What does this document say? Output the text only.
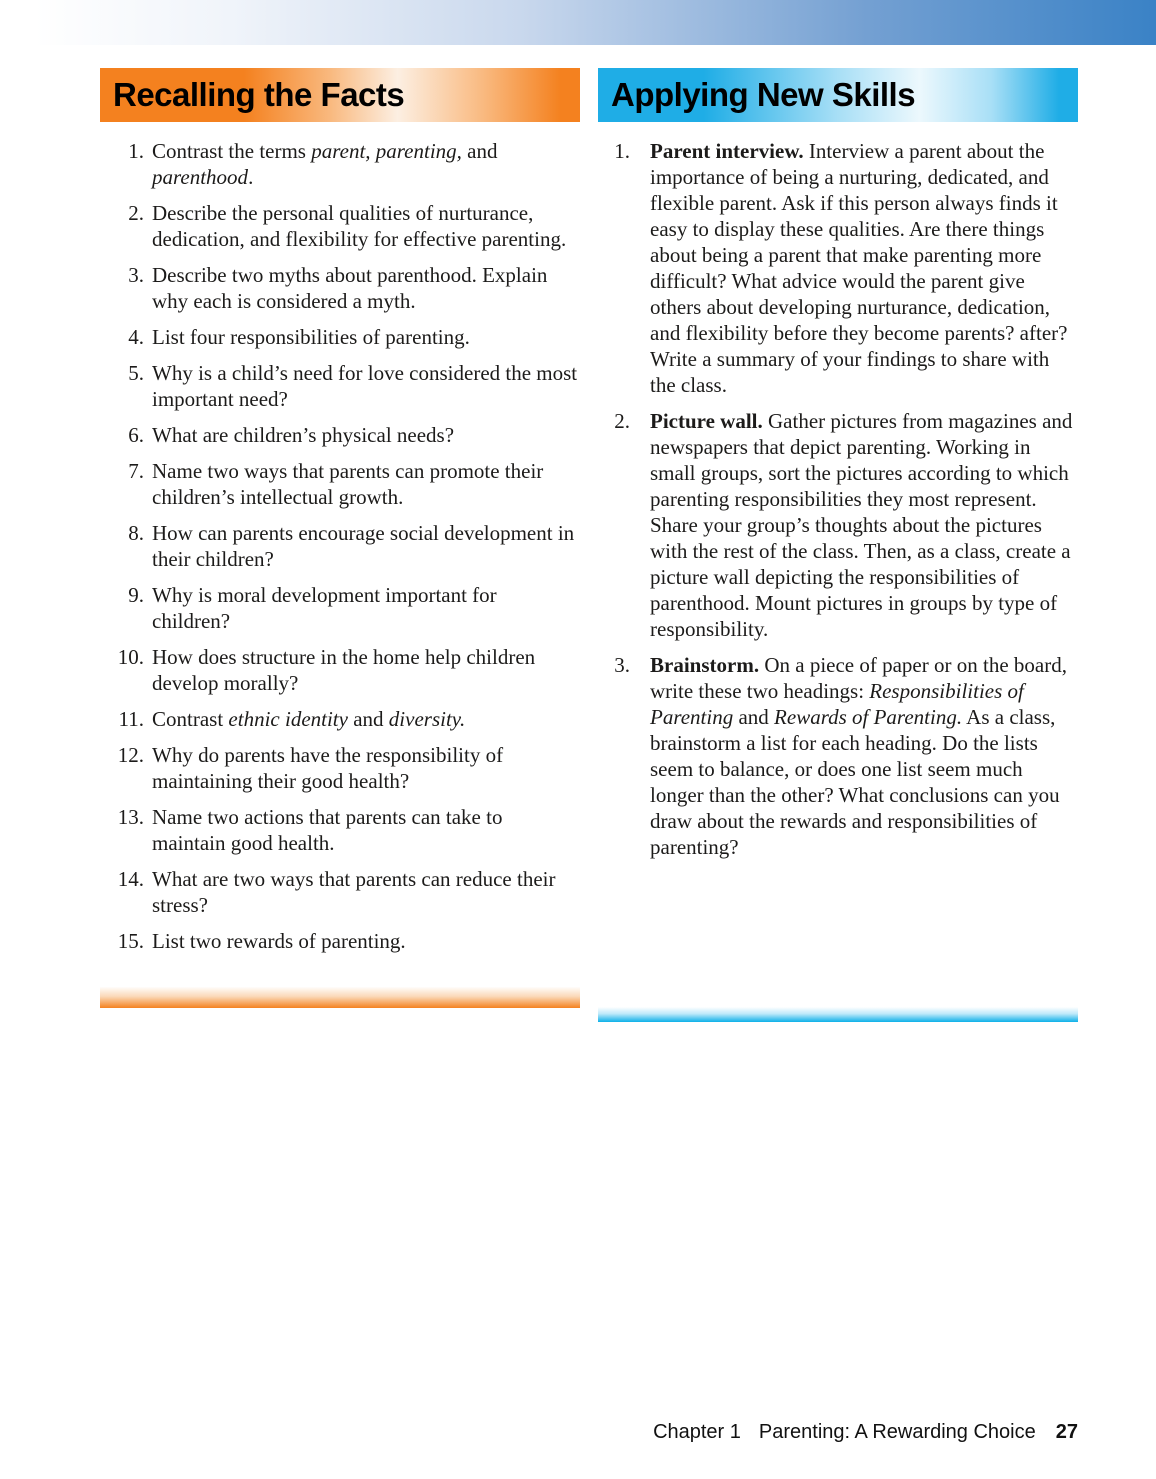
Recalling the Facts
1. Contrast the terms parent, parenting, and parenthood.
2. Describe the personal qualities of nurturance, dedication, and flexibility for effective parenting.
3. Describe two myths about parenthood. Explain why each is considered a myth.
4. List four responsibilities of parenting.
5. Why is a child’s need for love considered the most important need?
6. What are children’s physical needs?
7. Name two ways that parents can promote their children’s intellectual growth.
8. How can parents encourage social development in their children?
9. Why is moral development important for children?
10. How does structure in the home help children develop morally?
11. Contrast ethnic identity and diversity.
12. Why do parents have the responsibility of maintaining their good health?
13. Name two actions that parents can take to maintain good health.
14. What are two ways that parents can reduce their stress?
15. List two rewards of parenting.
Applying New Skills
1. Parent interview. Interview a parent about the importance of being a nurturing, dedicated, and flexible parent. Ask if this person always finds it easy to display these qualities. Are there things about being a parent that make parenting more difficult? What advice would the parent give others about developing nurturance, dedication, and flexibility before they become parents? after? Write a summary of your findings to share with the class.
2. Picture wall. Gather pictures from magazines and newspapers that depict parenting. Working in small groups, sort the pictures according to which parenting responsibilities they most represent. Share your group’s thoughts about the pictures with the rest of the class. Then, as a class, create a picture wall depicting the responsibilities of parenthood. Mount pictures in groups by type of responsibility.
3. Brainstorm. On a piece of paper or on the board, write these two headings: Responsibilities of Parenting and Rewards of Parenting. As a class, brainstorm a list for each heading. Do the lists seem to balance, or does one list seem much longer than the other? What conclusions can you draw about the rewards and responsibilities of parenting?
Chapter 1 Parenting: A Rewarding Choice 27
